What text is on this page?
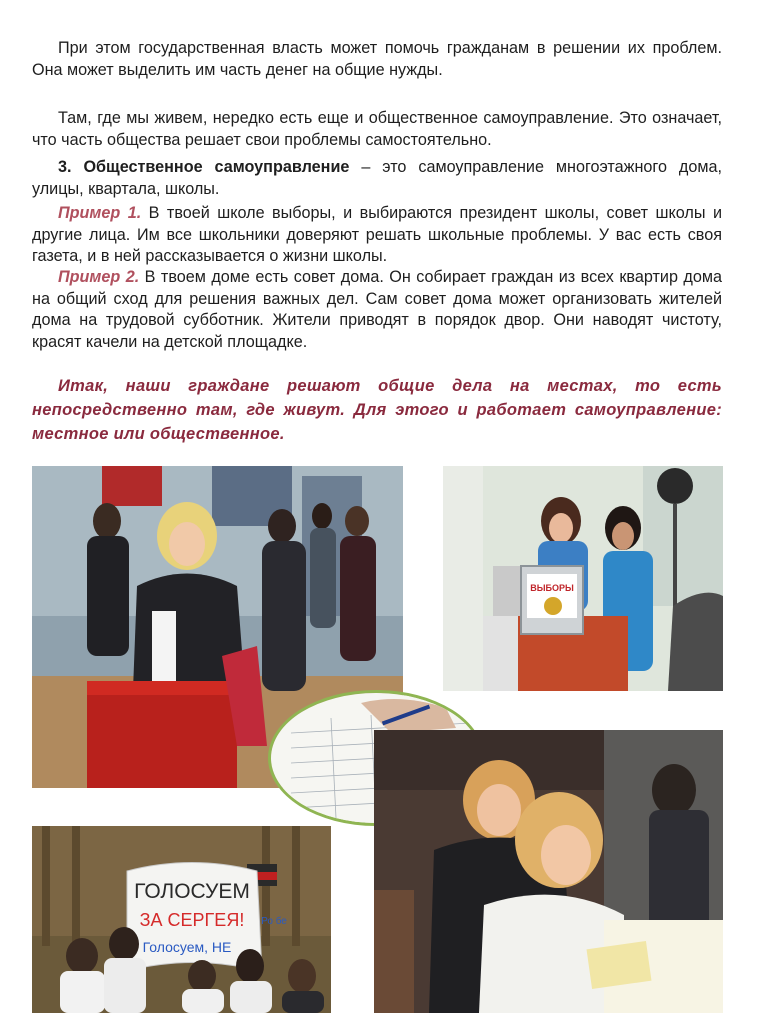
При этом государственная власть может помочь гражданам в решении их проблем. Она может выделить им часть денег на общие нужды.

Там, где мы живем, нередко есть еще и общественное самоуправление. Это означает, что часть общества решает свои проблемы самостоятельно.

3. Общественное самоуправление – это самоуправление многоэтажного дома, улицы, квартала, школы.

Пример 1. В твоей школе выборы, и выбираются президент школы, совет школы и другие лица. Им все школьники доверяют решать школьные проблемы. У вас есть своя газета, и в ней рассказывается о жизни школы.

Пример 2. В твоем доме есть совет дома. Он собирает граждан из всех квартир дома на общий сход для решения важных дел. Сам совет дома может организовать жителей дома на трудовой субботник. Жители приводят в порядок двор. Они наводят чистоту, красят качели на детской площадке.

Итак, наши граждане решают общие дела на местах, то есть непосредственно там, где живут. Для этого и работает самоуправление: местное или общественное.

ВЫБОРЫ
ГОЛОСУЕМ
ЗА СЕРГЕЯ!
Голосуем, НЕ
Ро бе
